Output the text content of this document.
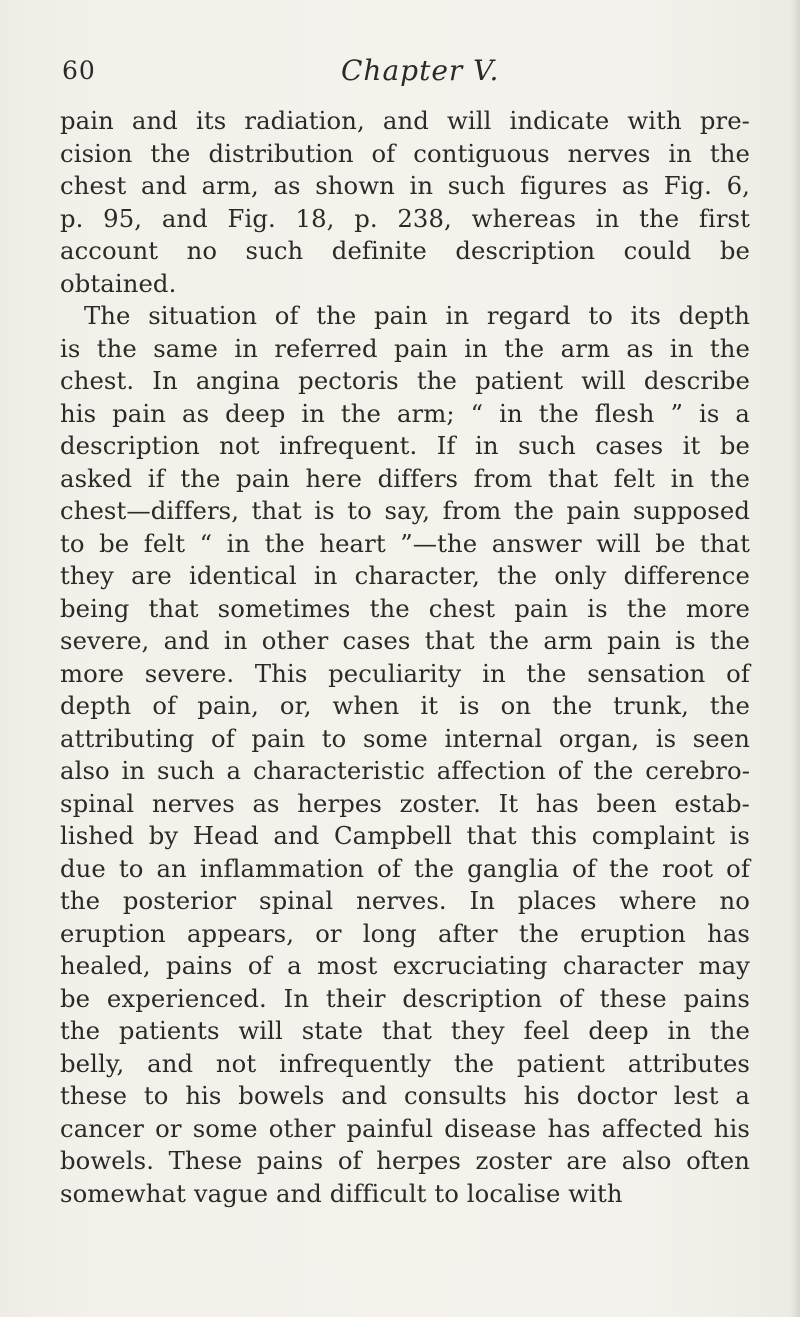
60	Chapter V.
pain and its radiation, and will indicate with pre-
cision the distribution of contiguous nerves in the
chest and arm, as shown in such figures as Fig. 6,
p. 95, and Fig. 18, p. 238, whereas in the first
account no such definite description could be
obtained.
The situation of the pain in regard to its depth
is the same in referred pain in the arm as in the
chest. In angina pectoris the patient will describe
his pain as deep in the arm; “ in the flesh ” is a
description not infrequent. If in such cases it be
asked if the pain here differs from that felt in the
chest—differs, that is to say, from the pain supposed
to be felt “ in the heart ”—the answer will be that
they are identical in character, the only difference
being that sometimes the chest pain is the more
severe, and in other cases that the arm pain is the
more severe. This peculiarity in the sensation of
depth of pain, or, when it is on the trunk, the
attributing of pain to some internal organ, is seen
also in such a characteristic affection of the cerebro-
spinal nerves as herpes zoster. It has been estab-
lished by Head and Campbell that this complaint is
due to an inflammation of the ganglia of the root of
the posterior spinal nerves. In places where no
eruption appears, or long after the eruption has
healed, pains of a most excruciating character may
be experienced. In their description of these pains
the patients will state that they feel deep in the
belly, and not infrequently the patient attributes
these to his bowels and consults his doctor lest a
cancer or some other painful disease has affected his
bowels. These pains of herpes zoster are also often
somewhat vague and difficult to localise with
